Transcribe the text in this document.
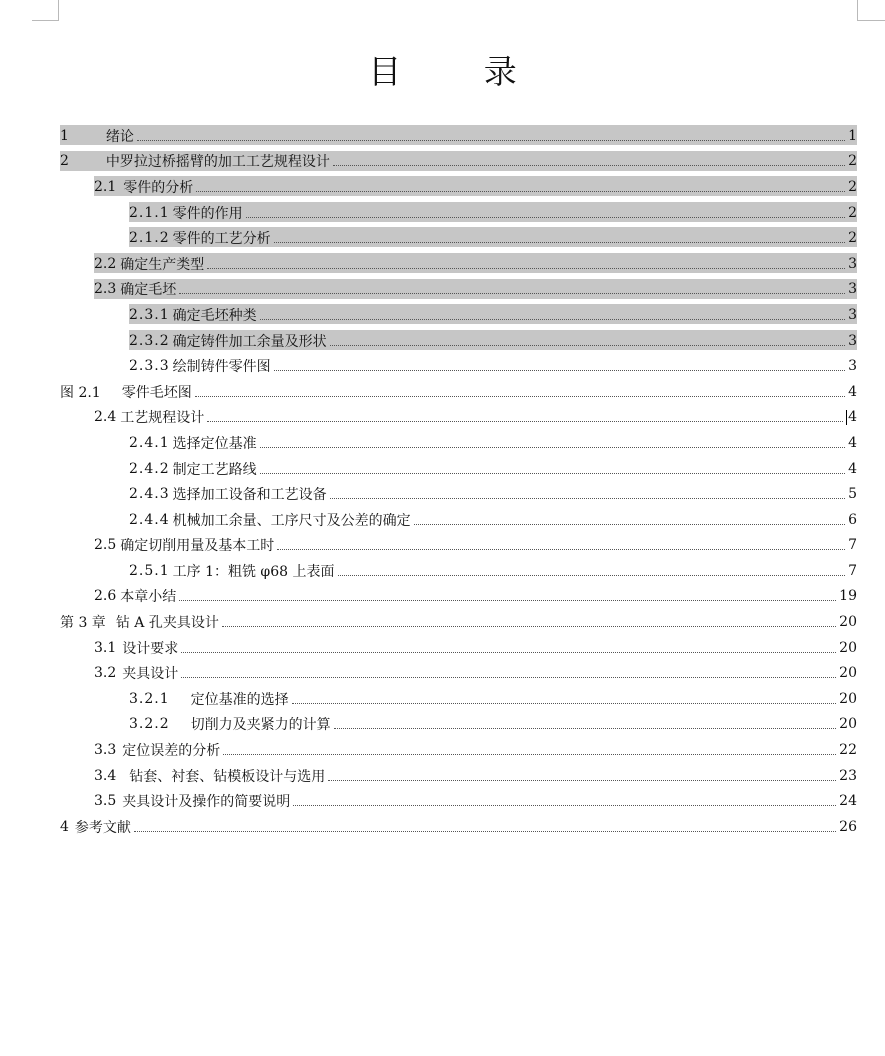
目 录
1	绪论	1
2	中罗拉过桥摇臂的加工工艺规程设计	2
2.1 零件的分析	2
2.1.1 零件的作用	2
2.1.2 零件的工艺分析	2
2.2 确定生产类型	3
2.3 确定毛坯	3
2.3.1 确定毛坯种类	3
2.3.2 确定铸件加工余量及形状	3
2.3.3 绘制铸件零件图	3
图 2.1 零件毛坯图	4
2.4 工艺规程设计	4
2.4.1 选择定位基准	4
2.4.2 制定工艺路线	4
2.4.3 选择加工设备和工艺设备	5
2.4.4 机械加工余量、工序尺寸及公差的确定	6
2.5 确定切削用量及基本工时	7
2.5.1 工序 1：粗铣 φ68 上表面	7
2.6 本章小结	19
第 3 章 钻 A 孔夹具设计	20
3.1 设计要求	20
3.2 夹具设计	20
3.2.1 定位基准的选择	20
3.2.2 切削力及夹紧力的计算	20
3.3 定位误差的分析	22
3.4 钻套、衬套、钻模板设计与选用	23
3.5 夹具设计及操作的简要说明	24
4 参考文献	26
